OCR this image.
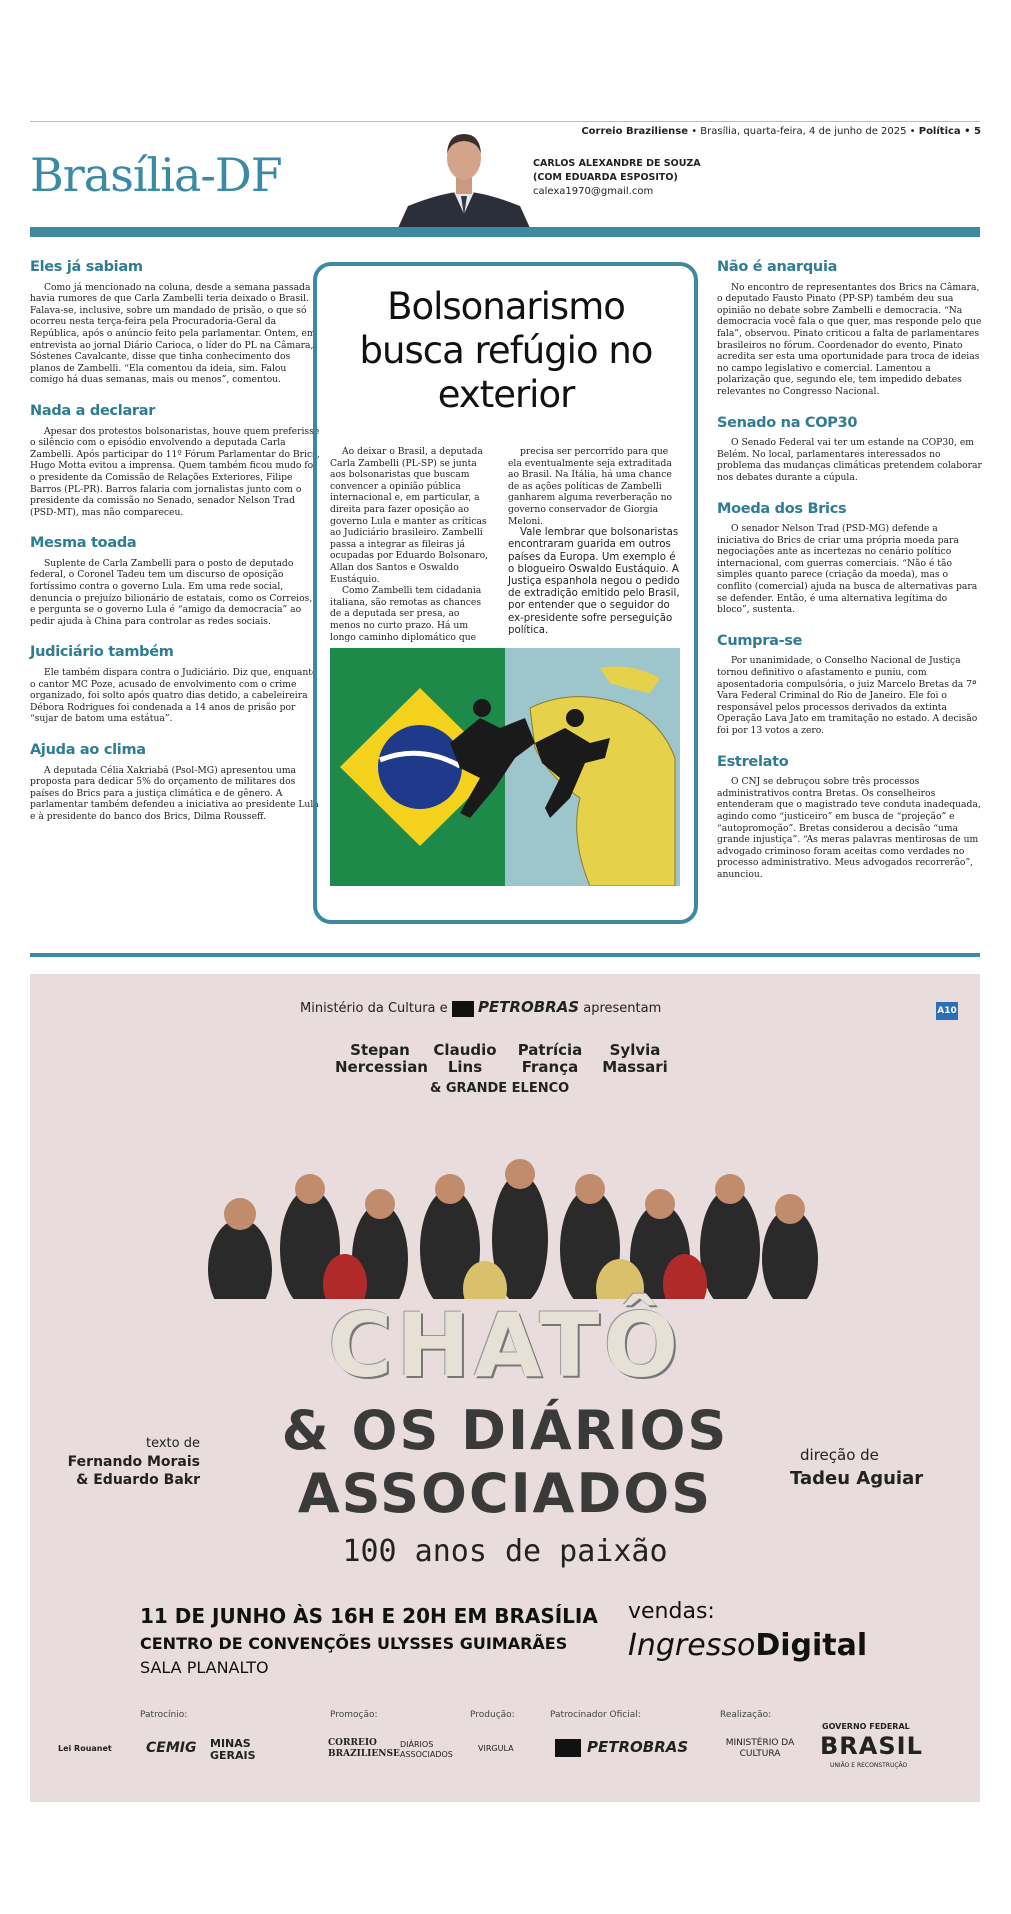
Correio Braziliense • Brasília, quarta-feira, 4 de junho de 2025 • Política • 5
Brasília-DF	CARLOS ALEXANDRE DE SOUZA
(COM EDUARDA ESPOSITO)
calexa1970@gmail.com
Eles já sabiam

Como já mencionado na coluna, desde a semana passada havia rumores de que Carla Zambelli teria deixado o Brasil. Falava-se, inclusive, sobre um mandado de prisão, o que só ocorreu nesta terça-feira pela Procuradoria-Geral da República, após o anúncio feito pela parlamentar. Ontem, em entrevista ao jornal Diário Carioca, o líder do PL na Câmara, Sóstenes Cavalcante, disse que tinha conhecimento dos planos de Zambelli. “Ela comentou da ideia, sim. Falou comigo há duas semanas, mais ou menos”, comentou.

Nada a declarar

Apesar dos protestos bolsonaristas, houve quem preferisse o silêncio com o episódio envolvendo a deputada Carla Zambelli. Após participar do 11º Fórum Parlamentar do Brics, Hugo Motta evitou a imprensa. Quem também ficou mudo foi o presidente da Comissão de Relações Exteriores, Filipe Barros (PL-PR). Barros falaria com jornalistas junto com o presidente da comissão no Senado, senador Nelson Trad (PSD-MT), mas não compareceu.

Mesma toada

Suplente de Carla Zambelli para o posto de deputado federal, o Coronel Tadeu tem um discurso de oposição fortíssimo contra o governo Lula. Em uma rede social, denuncia o prejuízo bilionário de estatais, como os Correios, e pergunta se o governo Lula é “amigo da democracia” ao pedir ajuda à China para controlar as redes sociais.

Judiciário também

Ele também dispara contra o Judiciário. Diz que, enquanto o cantor MC Poze, acusado de envolvimento com o crime organizado, foi solto após quatro dias detido, a cabeleireira Débora Rodrigues foi condenada a 14 anos de prisão por “sujar de batom uma estátua”.

Ajuda ao clima

A deputada Célia Xakriabá (Psol-MG) apresentou uma proposta para dedicar 5% do orçamento de militares dos países do Brics para a justiça climática e de gênero. A parlamentar também defendeu a iniciativa ao presidente Lula e à presidente do banco dos Brics, Dilma Rousseff.

Bolsonarismo busca refúgio no exterior

Ao deixar o Brasil, a deputada Carla Zambelli (PL-SP) se junta aos bolsonaristas que buscam convencer a opinião pública internacional e, em particular, a direita para fazer oposição ao governo Lula e manter as críticas ao Judiciário brasileiro. Zambelli passa a integrar as fileiras já ocupadas por Eduardo Bolsonaro, Allan dos Santos e Oswaldo Eustáquio.

Como Zambelli tem cidadania italiana, são remotas as chances de a deputada ser presa, ao menos no curto prazo. Há um longo caminho diplomático que

precisa ser percorrido para que ela eventualmente seja extraditada ao Brasil. Na Itália, há uma chance de as ações políticas de Zambelli ganharem alguma reverberação no governo conservador de Giorgia Meloni.

Vale lembrar que bolsonaristas encontraram guarida em outros países da Europa. Um exemplo é o blogueiro Oswaldo Eustáquio. A Justiça espanhola negou o pedido de extradição emitido pelo Brasil, por entender que o seguidor do ex-presidente sofre perseguição política.

Não é anarquia

No encontro de representantes dos Brics na Câmara, o deputado Fausto Pinato (PP-SP) também deu sua opinião no debate sobre Zambelli e democracia. “Na democracia você fala o que quer, mas responde pelo que fala”, observou. Pinato criticou a falta de parlamentares brasileiros no fórum. Coordenador do evento, Pinato acredita ser esta uma oportunidade para troca de ideias no campo legislativo e comercial. Lamentou a polarização que, segundo ele, tem impedido debates relevantes no Congresso Nacional.

Senado na COP30

O Senado Federal vai ter um estande na COP30, em Belém. No local, parlamentares interessados no problema das mudanças climáticas pretendem colaborar nos debates durante a cúpula.

Moeda dos Brics

O senador Nelson Trad (PSD-MG) defende a iniciativa do Brics de criar uma própria moeda para negociações ante as incertezas no cenário político internacional, com guerras comerciais. “Não é tão simples quanto parece (criação da moeda), mas o conflito (comercial) ajuda na busca de alternativas para se defender. Então, é uma alternativa legítima do bloco”, sustenta.

Cumpra-se

Por unanimidade, o Conselho Nacional de Justiça tornou definitivo o afastamento e puniu, com aposentadoria compulsória, o juiz Marcelo Bretas da 7ª Vara Federal Criminal do Rio de Janeiro. Ele foi o responsável pelos processos derivados da extinta Operação Lava Jato em tramitação no estado. A decisão foi por 13 votos a zero.

Estrelato

O CNJ se debruçou sobre três processos administrativos contra Bretas. Os conselheiros entenderam que o magistrado teve conduta inadequada, agindo como “justiceiro” em busca de “projeção” e “autopromoção”. Bretas considerou a decisão “uma grande injustiça”. “As meras palavras mentirosas de um advogado criminoso foram aceitas como verdades no processo administrativo. Meus advogados recorrerão”, anunciou.

Ministério da Cultura e PETROBRAS apresentam	A10
Stepan Nercessian
Claudio Lins
Patrícia França
Sylvia Massari
& GRANDE ELENCO
CHATÔ
& OS DIÁRIOS
ASSOCIADOS
100 anos de paixão
texto de
Fernando Morais
& Eduardo Bakr
direção de
Tadeu Aguiar
11 DE JUNHO ÀS 16H E 20H EM BRASÍLIA
CENTRO DE CONVENÇÕES ULYSSES GUIMARÃES
SALA PLANALTO
vendas:
IngressoDigital
Patrocínio:	Promoção:	Produção:	Patrocinador Oficial:	Realização:
Lei Rouanet CEMIG MINAS GERAIS
CORREIO BRAZILIENSE
DIÁRIOS ASSOCIADOS
VIRGULA	PETROBRAS	MINISTÉRIO DA CULTURA
GOVERNO FEDERAL
BRASIL
UNIÃO E RECONSTRUÇÃO
